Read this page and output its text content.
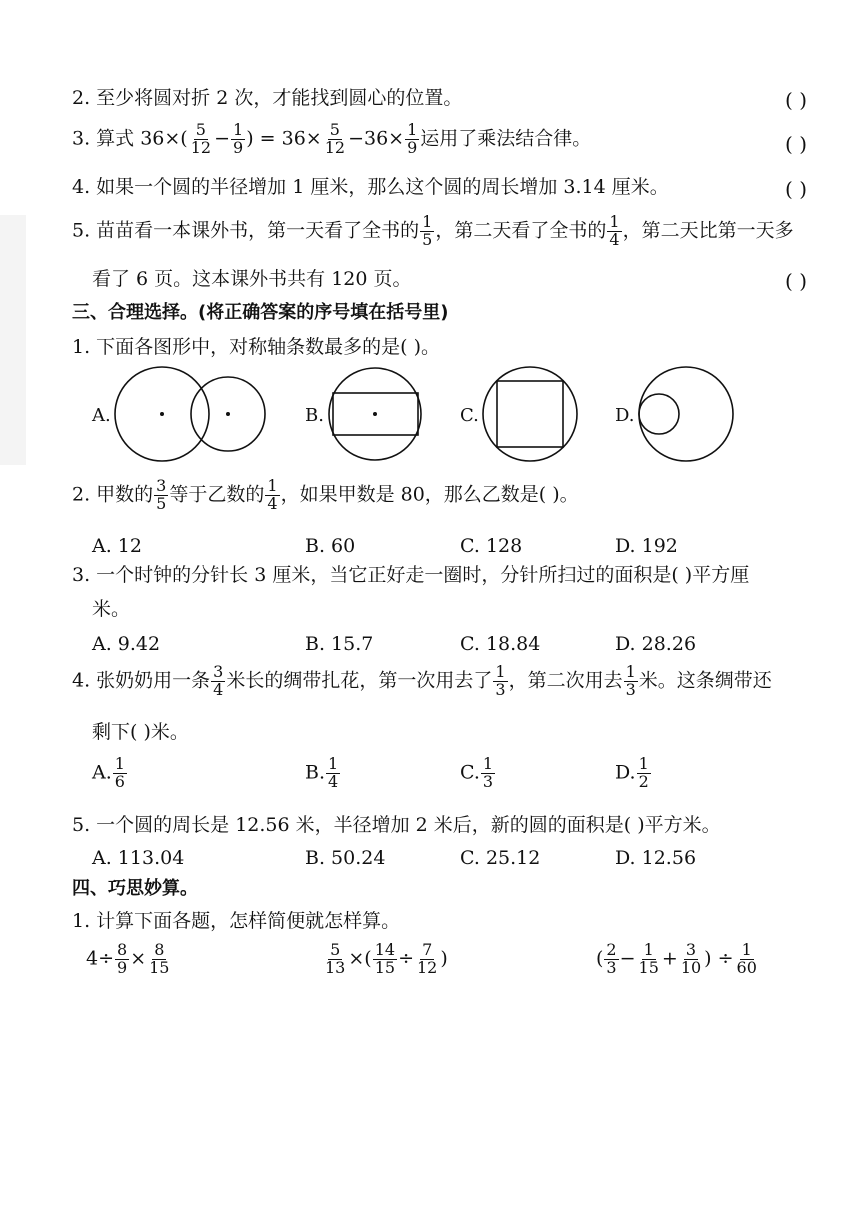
2. 至少将圆对折 2 次，才能找到圆心的位置。	( )
3. 算式 $36\times( \frac{5}{12} - \frac{1}{9}$ ) = $36\times \frac{5}{12} -36\times \frac{1}{9}$ 运用了乘法结合律。	( )
4. 如果一个圆的半径增加 1 厘米，那么这个圆的周长增加 3.14 厘米。	( )
5. 苗苗看一本课外书，第一天看了全书的 $\frac{1}{5}$ ，第二天看了全书的 $\frac{1}{4}$ ，第二天比第一天多
看了 6 页。这本课外书共有 120 页。	( )
三、合理选择。(将正确答案的序号填在括号里)
1. 下面各图形中，对称轴条数最多的是( )。
A.	B.	C.	D.
2. 甲数的 $\frac{3}{5}$ 等于乙数的 $\frac{1}{4}$ ，如果甲数是 80，那么乙数是( )。
A. 12	B. 60	C. 128	D. 192
3. 一个时钟的分针长 3 厘米，当它正好走一圈时，分针所扫过的面积是( )平方厘
米。
A. 9.42	B. 15.7	C. 18.84	D. 28.26
4. 张奶奶用一条 $\frac{3}{4}$ 米长的绸带扎花，第一次用去了 $\frac{1}{3}$ ，第二次用去 $\frac{1}{3}$ 米。这条绸带还
剩下( )米。
A. $\frac{1}{6}$	B. $\frac{1}{4}$	C. $\frac{1}{3}$	D. $\frac{1}{2}$
5. 一个圆的周长是 12.56 米，半径增加 2 米后，新的圆的面积是( )平方米。
A. 113.04	B. 50.24	C. 25.12	D. 12.56
四、巧思妙算。
1. 计算下面各题，怎样简便就怎样算。
$4\div \frac{8}{9} \times \frac{8}{15}$	$\frac{5}{13}$ ×( $\frac{14}{15} \div \frac{7}{12}$ )	( $\frac{2}{3} - \frac{1}{15} + \frac{3}{10}$ ) ÷ $\frac{1}{60}$
